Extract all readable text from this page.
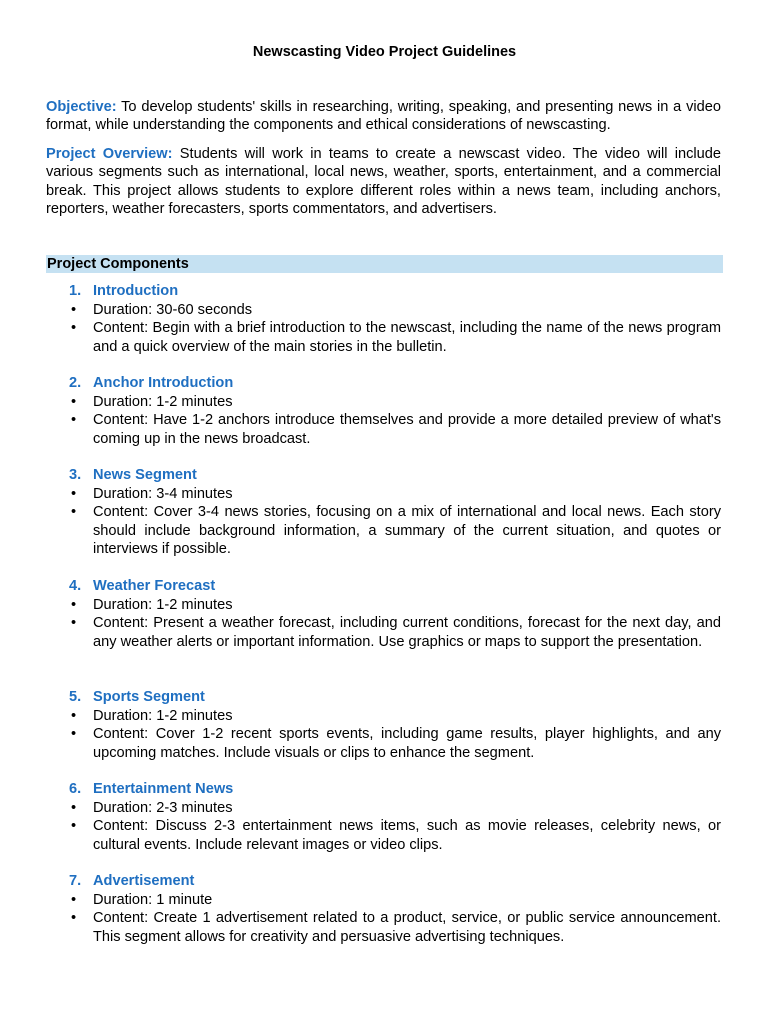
Newscasting Video Project Guidelines
Objective: To develop students' skills in researching, writing, speaking, and presenting news in a video format, while understanding the components and ethical considerations of newscasting.
Project Overview: Students will work in teams to create a newscast video. The video will include various segments such as international, local news, weather, sports, entertainment, and a commercial break. This project allows students to explore different roles within a news team, including anchors, reporters, weather forecasters, sports commentators, and advertisers.
Project Components
1. Introduction
• Duration: 30-60 seconds
• Content: Begin with a brief introduction to the newscast, including the name of the news program and a quick overview of the main stories in the bulletin.
2. Anchor Introduction
• Duration: 1-2 minutes
• Content: Have 1-2 anchors introduce themselves and provide a more detailed preview of what's coming up in the news broadcast.
3. News Segment
• Duration: 3-4 minutes
• Content: Cover 3-4 news stories, focusing on a mix of international and local news. Each story should include background information, a summary of the current situation, and quotes or interviews if possible.
4. Weather Forecast
• Duration: 1-2 minutes
• Content: Present a weather forecast, including current conditions, forecast for the next day, and any weather alerts or important information. Use graphics or maps to support the presentation.
5. Sports Segment
• Duration: 1-2 minutes
• Content: Cover 1-2 recent sports events, including game results, player highlights, and any upcoming matches. Include visuals or clips to enhance the segment.
6. Entertainment News
• Duration: 2-3 minutes
• Content: Discuss 2-3 entertainment news items, such as movie releases, celebrity news, or cultural events. Include relevant images or video clips.
7. Advertisement
• Duration: 1 minute
• Content: Create 1 advertisement related to a product, service, or public service announcement. This segment allows for creativity and persuasive advertising techniques.
